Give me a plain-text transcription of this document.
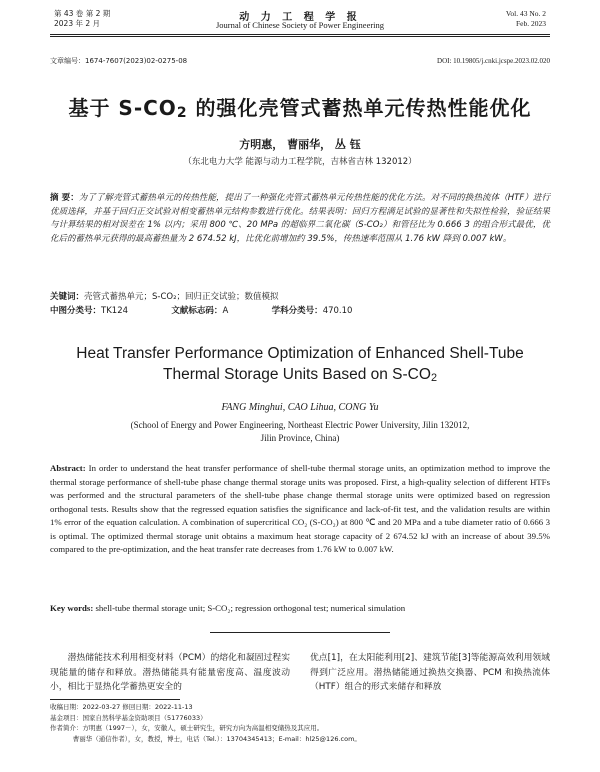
第 43 卷 第 2 期
2023 年 2 月
动 力 工 程 学 报
Journal of Chinese Society of Power Engineering
Vol. 43 No. 2
Feb. 2023
文章编号：1674-7607(2023)02-0275-08	DOI: 10.19805/j.cnki.jcspe.2023.02.020
基于 $S-CO_2$ 的强化壳管式蓄热单元传热性能优化
方明惠， 曹丽华， 丛 钰
（东北电力大学 能源与动力工程学院，吉林省吉林 132012）
摘 要：为了了解壳管式蓄热单元的传热性能，提出了一种强化壳管式蓄热单元传热性能的优化方法。对不同的换热流体（HTF）进行优质选择，并基于回归正交试验对相变蓄热单元结构参数进行优化。结果表明：回归方程满足试验的显著性和失拟性检验，验证结果与计算结果的相对误差在 1% 以内；采用 800 ℃、20 MPa 的超临界二氧化碳（S-CO₂）和管径比为 0.666 3 的组合形式最优，优化后的蓄热单元获得的最高蓄热量为 2 674.52 kJ，比优化前增加约 39.5%，传热速率范围从 1.76 kW 降到 0.007 kW。
关键词：壳管式蓄热单元；S-CO₂；回归正交试验；数值模拟
中图分类号：TK124	文献标志码：A	学科分类号：470.10
Heat Transfer Performance Optimization of Enhanced Shell-Tube
Thermal Storage Units Based on $S-CO_2$
FANG Minghui, CAO Lihua, CONG Yu
(School of Energy and Power Engineering, Northeast Electric Power University, Jilin 132012,
Jilin Province, China)
Abstract: In order to understand the heat transfer performance of shell-tube thermal storage units, an optimization method to improve the thermal storage performance of shell-tube phase change thermal storage units was proposed. First, a high-quality selection of different HTFs was performed and the structural parameters of the shell-tube phase change thermal storage units were optimized based on regression orthogonal tests. Results show that the regressed equation satisfies the significance and lack-of-fit test, and the validation results are within 1% error of the equation calculation. A combination of supercritical CO₂ (S-CO₂) at 800 ℃ and 20 MPa and a tube diameter ratio of 0.666 3 is optimal. The optimized thermal storage unit obtains a maximum heat storage capacity of 2 674.52 kJ with an increase of about 39.5% compared to the pre-optimization, and the heat transfer rate decreases from 1.76 kW to 0.007 kW.
Key words: shell-tube thermal storage unit; S-CO₂; regression orthogonal test; numerical simulation
潜热储能技术利用相变材料（PCM）的熔化和凝固过程实现能量的储存和释放。潜热储能具有能量密度高、温度波动小，相比于显热化学蓄热更安全的
优点[1]，在太阳能利用[2]、建筑节能[3]等能源高效利用领域得到广泛应用。潜热储能通过换热交换器、PCM 和换热流体（HTF）组合的形式来储存和释放
收稿日期：2022-03-27 修回日期：2022-11-13
基金项目：国家自然科学基金资助项目（51776033）
作者简介：方明惠（1997－），女，安徽人，硕士研究生，研究方向为高温相变储热及其应用。
曹丽华（通信作者），女，教授，博士，电话（Tel.）：13704345413；E-mail：hl25@126.com。
